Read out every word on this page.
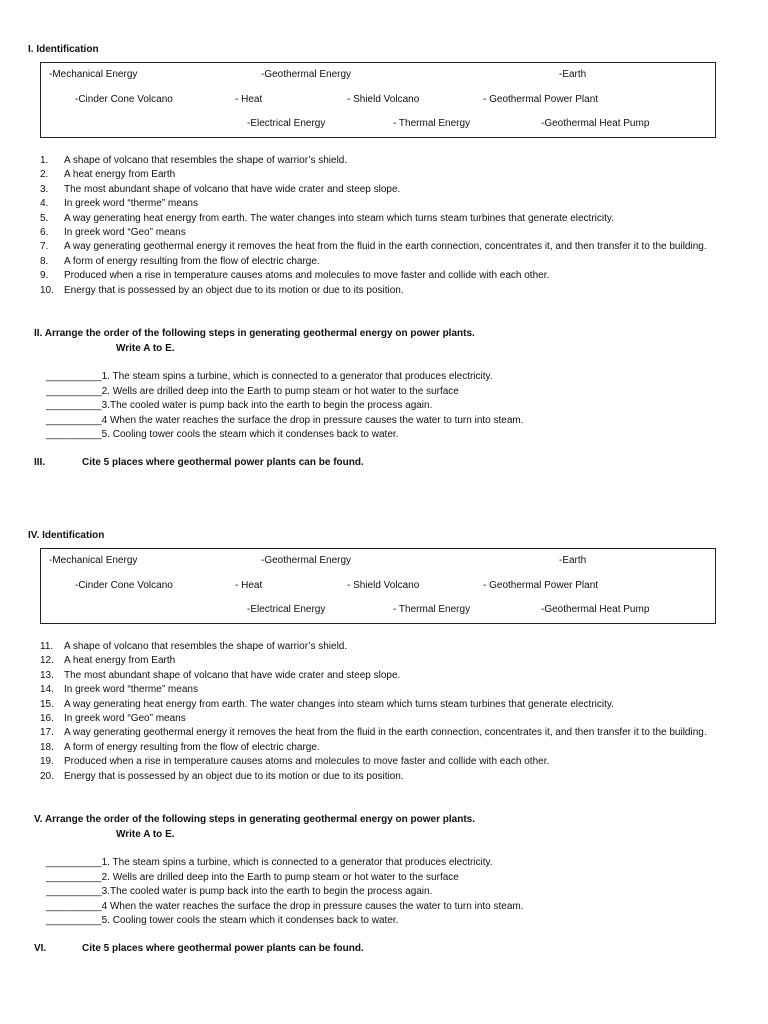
I. Identification
-Mechanical Energy	-Geothermal Energy	-Earth
-Cinder Cone Volcano	- Heat	- Shield Volcano	- Geothermal Power Plant
-Electrical Energy	- Thermal Energy	-Geothermal Heat Pump
1. A shape of volcano that resembles the shape of warrior’s shield.
2. A heat energy from Earth
3. The most abundant shape of volcano that have wide crater and steep slope.
4. In greek word “therme” means
5. A way generating heat energy from earth. The water changes into steam which turns steam turbines that generate electricity.
6. In greek word “Geo” means
7. A way generating geothermal energy it removes the heat from the fluid in the earth connection, concentrates it, and then transfer it to the building.
8. A form of energy resulting from the flow of electric charge.
9. Produced when a rise in temperature causes atoms and molecules to move faster and collide with each other.
10. Energy that is possessed by an object due to its motion or due to its position.
II. Arrange the order of the following steps in generating geothermal energy on power plants.
Write A to E.
__________1. The steam spins a turbine, which is connected to a generator that produces electricity.
__________2. Wells are drilled deep into the Earth to pump steam or hot water to the surface
__________3.The cooled water is pump back into the earth to begin the process again.
__________4 When the water reaches the surface the drop in pressure causes the water to turn into steam.
__________5. Cooling tower cools the steam which it condenses back to water.
III.	Cite 5 places where geothermal power plants can be found.
IV. Identification
-Mechanical Energy	-Geothermal Energy	-Earth
-Cinder Cone Volcano	- Heat	- Shield Volcano	- Geothermal Power Plant
-Electrical Energy	- Thermal Energy	-Geothermal Heat Pump
11. A shape of volcano that resembles the shape of warrior’s shield.
12. A heat energy from Earth
13. The most abundant shape of volcano that have wide crater and steep slope.
14. In greek word “therme” means
15. A way generating heat energy from earth. The water changes into steam which turns steam turbines that generate electricity.
16. In greek word “Geo” means
17. A way generating geothermal energy it removes the heat from the fluid in the earth connection, concentrates it, and then transfer it to the building.
18. A form of energy resulting from the flow of electric charge.
19. Produced when a rise in temperature causes atoms and molecules to move faster and collide with each other.
20. Energy that is possessed by an object due to its motion or due to its position.
V. Arrange the order of the following steps in generating geothermal energy on power plants.
Write A to E.
__________1. The steam spins a turbine, which is connected to a generator that produces electricity.
__________2. Wells are drilled deep into the Earth to pump steam or hot water to the surface
__________3.The cooled water is pump back into the earth to begin the process again.
__________4 When the water reaches the surface the drop in pressure causes the water to turn into steam.
__________5. Cooling tower cools the steam which it condenses back to water.
VI.	Cite 5 places where geothermal power plants can be found.
